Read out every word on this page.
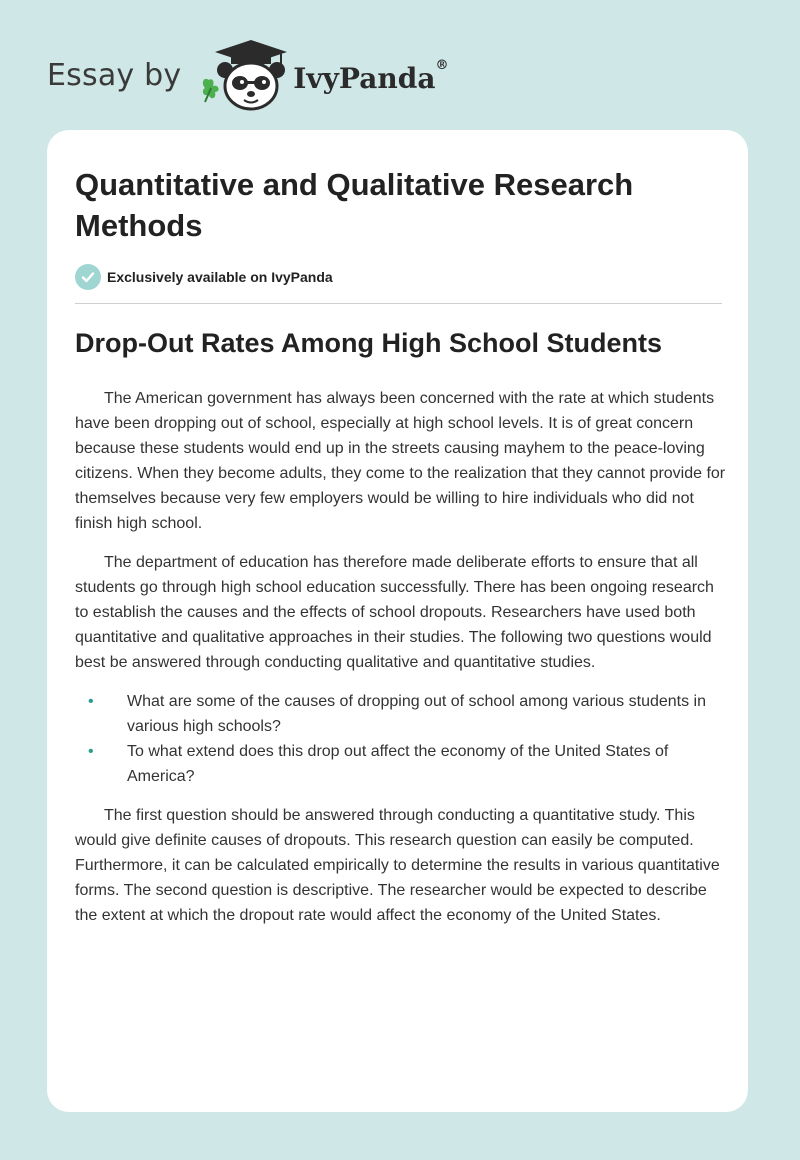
Essay by	IvyPanda®
Quantitative and Qualitative Research Methods
Exclusively available on IvyPanda
Drop-Out Rates Among High School Students

The American government has always been concerned with the rate at which students have been dropping out of school, especially at high school levels. It is of great concern because these students would end up in the streets causing mayhem to the peace-loving citizens. When they become adults, they come to the realization that they cannot provide for themselves because very few employers would be willing to hire individuals who did not finish high school.

The department of education has therefore made deliberate efforts to ensure that all students go through high school education successfully. There has been ongoing research to establish the causes and the effects of school dropouts. Researchers have used both quantitative and qualitative approaches in their studies. The following two questions would best be answered through conducting qualitative and quantitative studies.

• What are some of the causes of dropping out of school among various students in various high schools?
• To what extend does this drop out affect the economy of the United States of America?

The first question should be answered through conducting a quantitative study. This would give definite causes of dropouts. This research question can easily be computed. Furthermore, it can be calculated empirically to determine the results in various quantitative forms. The second question is descriptive. The researcher would be expected to describe the extent at which the dropout rate would affect the economy of the United States.
